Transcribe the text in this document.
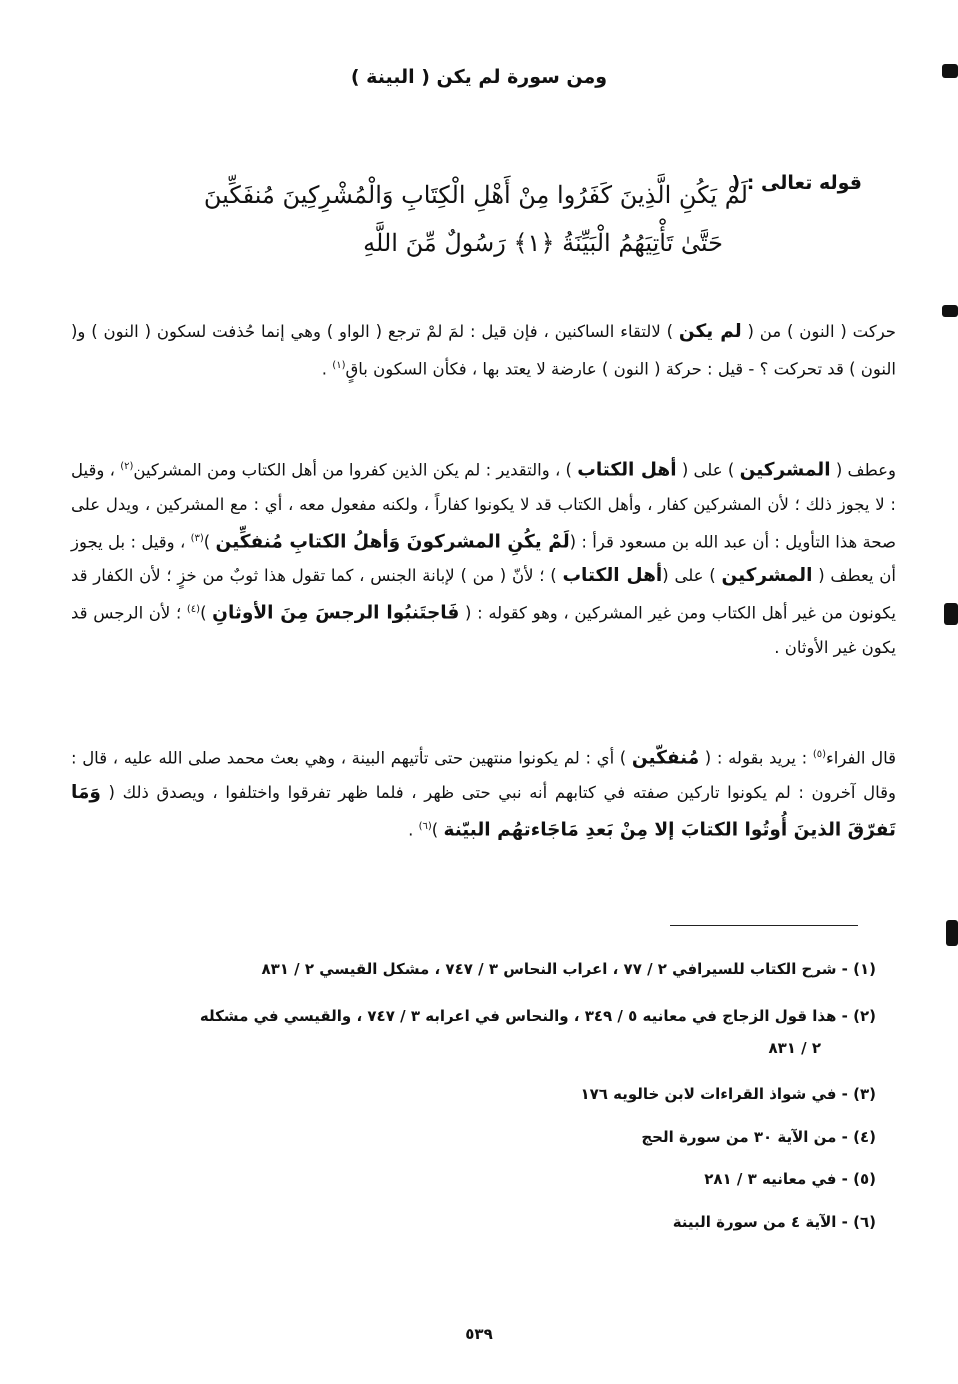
ومن سورة لم يكن ( البينة )
قوله تعالى : (
لَمْ يَكُنِ الَّذِينَ كَفَرُوا مِنْ أَهْلِ الْكِتَابِ وَالْمُشْرِكِينَ مُنفَكِّينَ
حَتَّىٰ تَأْتِيَهُمُ الْبَيِّنَةُ ﴿١﴾ رَسُولٌ مِّنَ اللَّهِ

حركت ( النون ) من ( لم يكن ) لالتقاء الساكنين ، فإن قيل : لمَ لمْ ترجع ( الواو ) وهي إنما حُذفت لسكون ( النون ) و( النون ) قد تحركت ؟ - قيل : حركة ( النون ) عارضة لا يعتد بها ، فكأن السكون باقٍ$^{(١)}$ .

وعطف ( المشركين ) على ( أهل الكتاب ) ، والتقدير : لم يكن الذين كفروا من أهل الكتاب ومن المشركين$^{(٢)}$ ، وقيل : لا يجوز ذلك ؛ لأن المشركين كفار ، وأهل الكتاب قد لا يكونوا كفاراً ، ولكنه مفعول معه ، أي : مع المشركين ، ويدل على صحة هذا التأويل : أن عبد الله بن مسعود قرأ : (لَمْ يكُنِ المشركونَ وَأهلُ الكتابِ مُنفكِّين )$^{(٣)}$ ، وقيل : بل يجوز أن يعطف ( المشركين ) على (أهل الكتاب ) ؛ لأنّ ( من ) لإبانة الجنس ، كما تقول هذا ثوبٌ من خزٍ ؛ لأن الكفار قد يكونون من غير أهل الكتاب ومن غير المشركين ، وهو كقوله : ( فَاجتَنبُوا الرجسَ مِنَ الأوثانِ )$^{(٤)}$ ؛ لأن الرجس قد يكون غير الأوثان .

قال الفراء$^{(٥)}$ : يريد بقوله : ( مُنفكّين ) أي : لم يكونوا منتهين حتى تأتيهم البينة ، وهي بعث محمد صلى الله عليه ، قال : وقال آخرون : لم يكونوا تاركين صفته في كتابهم أنه نبي حتى ظهر ، فلما ظهر تفرقوا واختلفوا ، ويصدق ذلك ( وَمَا تَفرّقَ الذينَ أُوتُوا الكتابَ إلا مِنْ بَعدِ مَاجَاءتهُم البيّنة )$^{(٦)}$ .

(١) - شرح الكتاب للسيرافي ٢ / ٧٧ ، اعراب النحاس ٣ / ٧٤٧ ، مشكل القيسي ٢ / ٨٣١
(٢) - هذا قول الزجاج في معانيه ٥ / ٣٤٩ ، والنحاس في اعرابه ٣ / ٧٤٧ ، والقيسي في مشكله
٢ / ٨٣١
(٣) - في شواذ القراءات لابن خالويه ١٧٦
(٤) - من الآية ٣٠ من سورة الحج
(٥) - في معانيه ٣ / ٢٨١
(٦) - الآية ٤ من سورة البينة
٥٣٩
